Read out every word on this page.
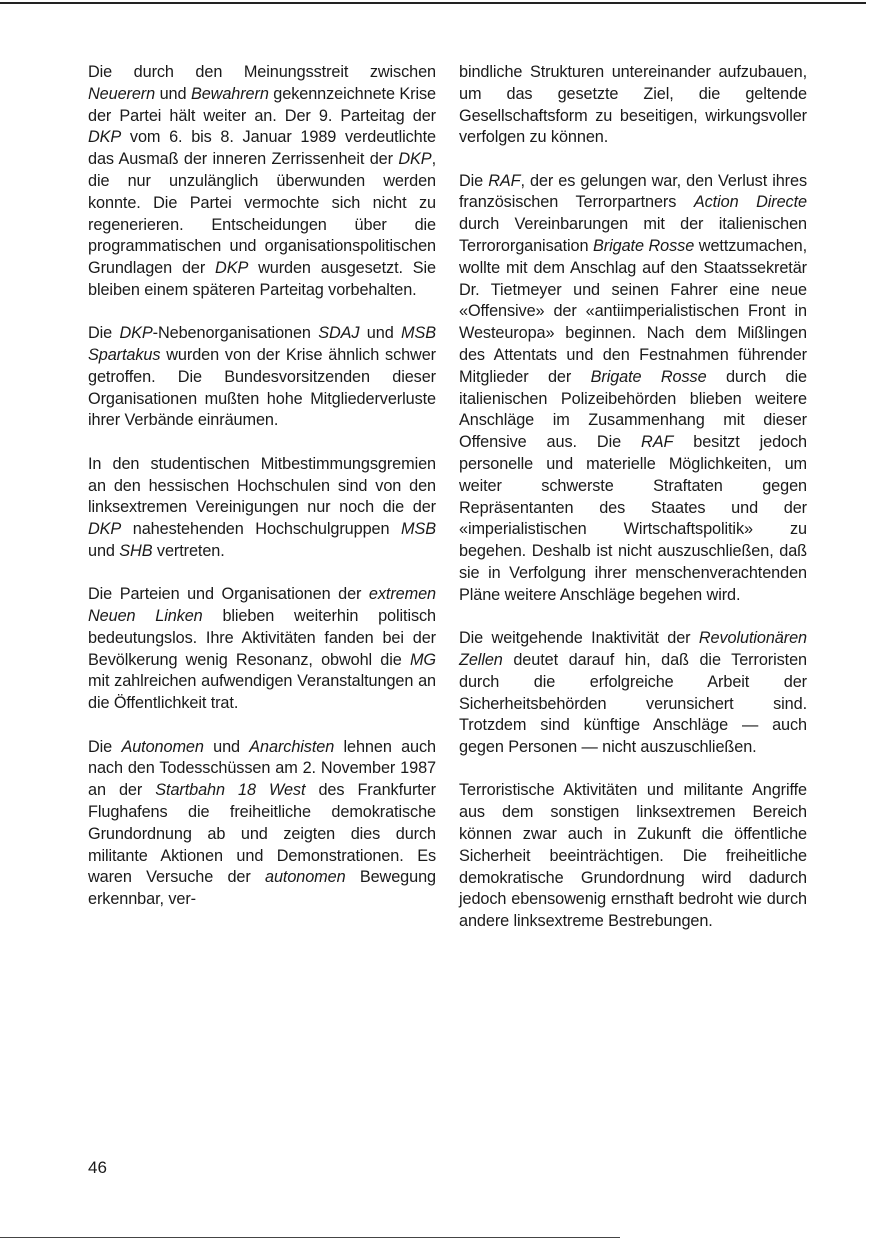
Die durch den Meinungsstreit zwischen Neuerern und Bewahrern gekennzeichnete Krise der Partei hält weiter an. Der 9. Parteitag der DKP vom 6. bis 8. Januar 1989 verdeutlichte das Ausmaß der inneren Zerrissenheit der DKP, die nur unzulänglich überwunden werden konnte. Die Partei vermochte sich nicht zu regenerieren. Entscheidungen über die programmatischen und organisationspolitischen Grundlagen der DKP wurden ausgesetzt. Sie bleiben einem späteren Parteitag vorbehalten.

Die DKP-Nebenorganisationen SDAJ und MSB Spartakus wurden von der Krise ähnlich schwer getroffen. Die Bundesvorsitzenden dieser Organisationen mußten hohe Mitgliederverluste ihrer Verbände einräumen.

In den studentischen Mitbestimmungsgremien an den hessischen Hochschulen sind von den linksextremen Vereinigungen nur noch die der DKP nahestehenden Hochschulgruppen MSB und SHB vertreten.

Die Parteien und Organisationen der extremen Neuen Linken blieben weiterhin politisch bedeutungslos. Ihre Aktivitäten fanden bei der Bevölkerung wenig Resonanz, obwohl die MG mit zahlreichen aufwendigen Veranstaltungen an die Öffentlichkeit trat.

Die Autonomen und Anarchisten lehnen auch nach den Todesschüssen am 2. November 1987 an der Startbahn 18 West des Frankfurter Flughafens die freiheitliche demokratische Grundordnung ab und zeigten dies durch militante Aktionen und Demonstrationen. Es waren Versuche der autonomen Bewegung erkennbar, ver-

bindliche Strukturen untereinander aufzubauen, um das gesetzte Ziel, die geltende Gesellschaftsform zu beseitigen, wirkungsvoller verfolgen zu können.

Die RAF, der es gelungen war, den Verlust ihres französischen Terrorpartners Action Directe durch Vereinbarungen mit der italienischen Terrororganisation Brigate Rosse wettzumachen, wollte mit dem Anschlag auf den Staatssekretär Dr. Tietmeyer und seinen Fahrer eine neue «Offensive» der «antiimperialistischen Front in Westeuropa» beginnen. Nach dem Mißlingen des Attentats und den Festnahmen führender Mitglieder der Brigate Rosse durch die italienischen Polizeibehörden blieben weitere Anschläge im Zusammenhang mit dieser Offensive aus. Die RAF besitzt jedoch personelle und materielle Möglichkeiten, um weiter schwerste Straftaten gegen Repräsentanten des Staates und der «imperialistischen Wirtschaftspolitik» zu begehen. Deshalb ist nicht auszuschließen, daß sie in Verfolgung ihrer menschenverachtenden Pläne weitere Anschläge begehen wird.

Die weitgehende Inaktivität der Revolutionären Zellen deutet darauf hin, daß die Terroristen durch die erfolgreiche Arbeit der Sicherheitsbehörden verunsichert sind. Trotzdem sind künftige Anschläge — auch gegen Personen — nicht auszuschließen.

Terroristische Aktivitäten und militante Angriffe aus dem sonstigen linksextremen Bereich können zwar auch in Zukunft die öffentliche Sicherheit beeinträchtigen. Die freiheitliche demokratische Grundordnung wird dadurch jedoch ebensowenig ernsthaft bedroht wie durch andere linksextreme Bestrebungen.

46
